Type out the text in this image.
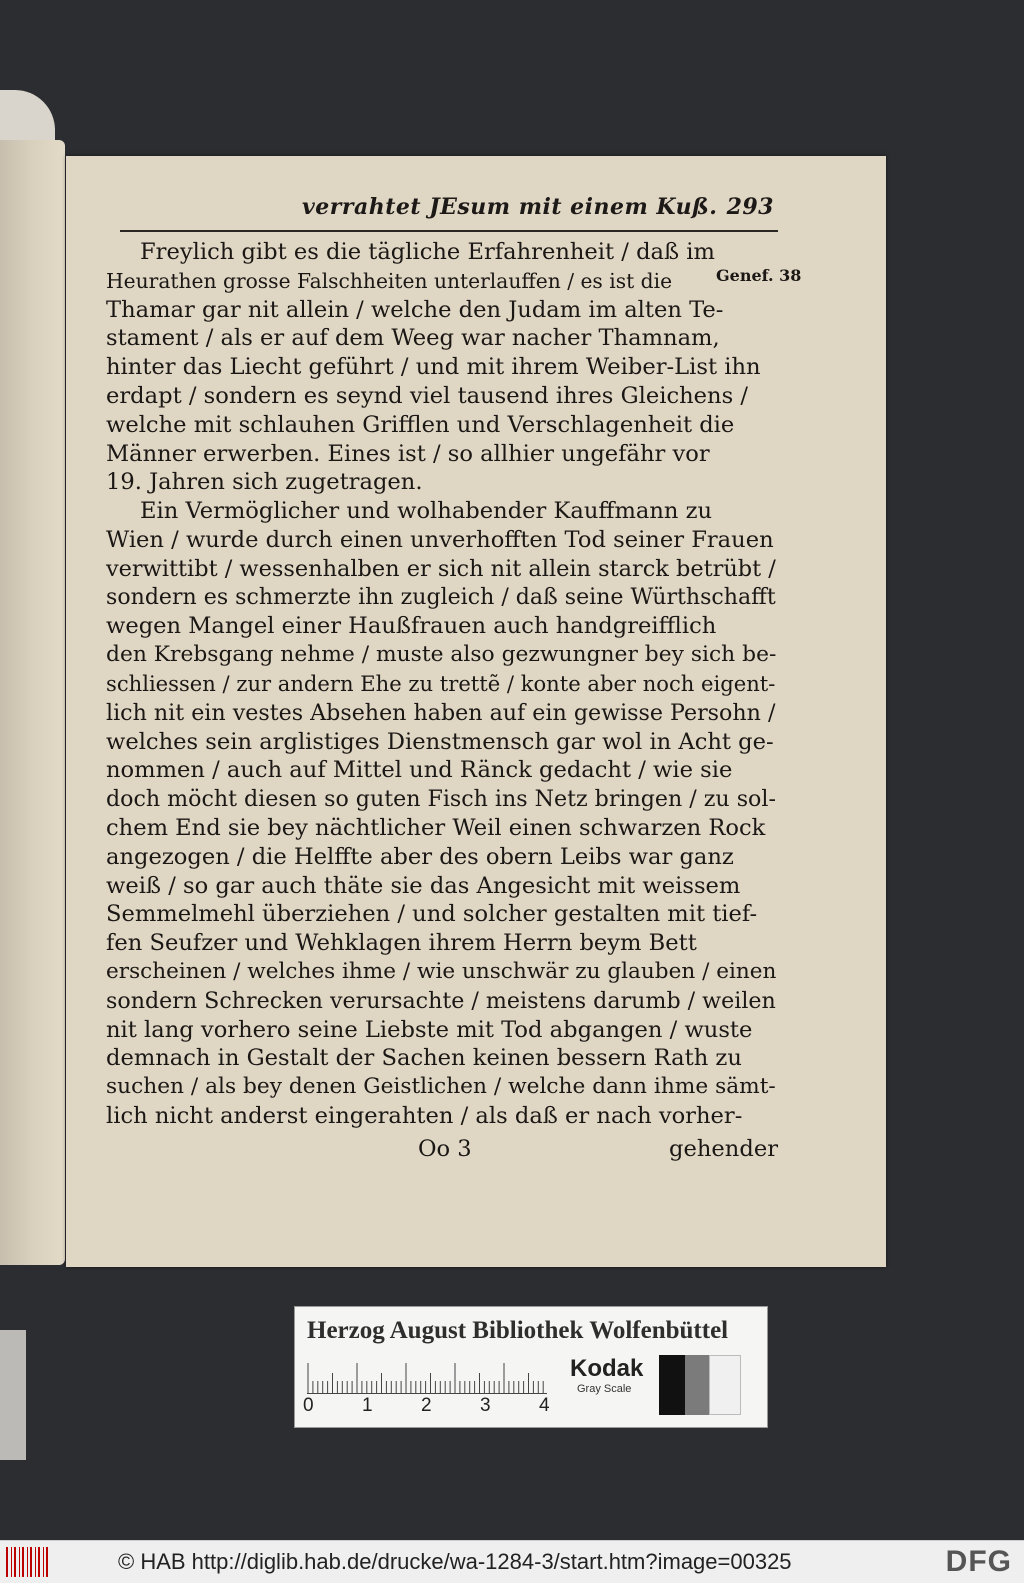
verrahtet JEsum mit einem Kuß. 293
Genef. 38
Freylich gibt es die tägliche Erfahrenheit / daß im
Heurathen grosse Falschheiten unterlauffen / es ist die
Thamar gar nit allein / welche den Judam im alten Te-
stament / als er auf dem Weeg war nacher Thamnam,
hinter das Liecht geführt / und mit ihrem Weiber-List ihn
erdapt / sondern es seynd viel tausend ihres Gleichens /
welche mit schlauhen Grifflen und Verschlagenheit die
Männer erwerben. Eines ist / so allhier ungefähr vor
19. Jahren sich zugetragen.
Ein Vermöglicher und wolhabender Kauffmann zu
Wien / wurde durch einen unverhofften Tod seiner Frauen
verwittibt / wessenhalben er sich nit allein starck betrübt /
sondern es schmerzte ihn zugleich / daß seine Würthschafft
wegen Mangel einer Haußfrauen auch handgreifflich
den Krebsgang nehme / muste also gezwungner bey sich be-
schliessen / zur andern Ehe zu trettẽ / konte aber noch eigent-
lich nit ein vestes Absehen haben auf ein gewisse Persohn /
welches sein arglistiges Dienstmensch gar wol in Acht ge-
nommen / auch auf Mittel und Ränck gedacht / wie sie
doch möcht diesen so guten Fisch ins Netz bringen / zu sol-
chem End sie bey nächtlicher Weil einen schwarzen Rock
angezogen / die Helffte aber des obern Leibs war ganz
weiß / so gar auch thäte sie das Angesicht mit weissem
Semmelmehl überziehen / und solcher gestalten mit tief-
fen Seufzer und Wehklagen ihrem Herrn beym Bett
erscheinen / welches ihme / wie unschwär zu glauben / einen
sondern Schrecken verursachte / meistens darumb / weilen
nit lang vorhero seine Liebste mit Tod abgangen / wuste
demnach in Gestalt der Sachen keinen bessern Rath zu
suchen / als bey denen Geistlichen / welche dann ihme sämt-
lich nicht anderst eingerahten / als daß er nach vorher-
Oo 3	gehender
Herzog August Bibliothek Wolfenbüttel
0	1	2	3	4
Kodak
Gray Scale
© HAB http://diglib.hab.de/drucke/wa-1284-3/start.htm?image=00325	DFG
